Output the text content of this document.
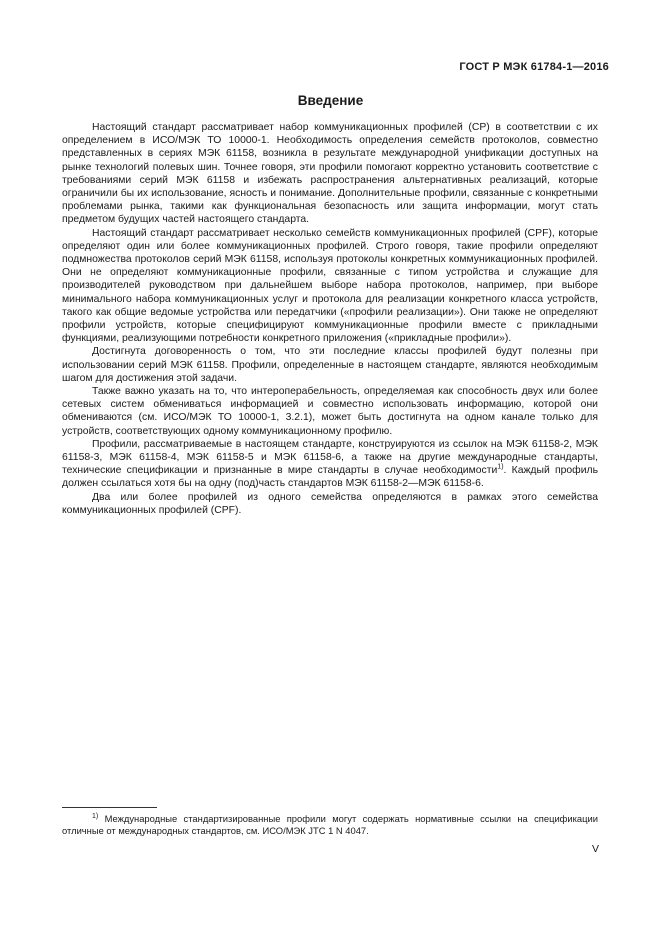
ГОСТ Р МЭК 61784-1—2016
Введение

Настоящий стандарт рассматривает набор коммуникационных профилей (CP) в соответствии с их определением в ИСО/МЭК ТО 10000-1. Необходимость определения семейств протоколов, совместно представленных в сериях МЭК 61158, возникла в результате международной унификации доступных на рынке технологий полевых шин. Точнее говоря, эти профили помогают корректно установить соответствие с требованиями серий МЭК 61158 и избежать распространения альтернативных реализаций, которые ограничили бы их использование, ясность и понимание. Дополнительные профили, связанные с конкретными проблемами рынка, такими как функциональная безопасность или защита информации, могут стать предметом будущих частей настоящего стандарта.

Настоящий стандарт рассматривает несколько семейств коммуникационных профилей (CPF), которые определяют один или более коммуникационных профилей. Строго говоря, такие профили определяют подмножества протоколов серий МЭК 61158, используя протоколы конкретных коммуникационных профилей. Они не определяют коммуникационные профили, связанные с типом устройства и служащие для производителей руководством при дальнейшем выборе набора протоколов, например, при выборе минимального набора коммуникационных услуг и протокола для реализации конкретного класса устройств, такого как общие ведомые устройства или передатчики («профили реализации»). Они также не определяют профили устройств, которые специфицируют коммуникационные профили вместе с прикладными функциями, реализующими потребности конкретного приложения («прикладные профили»).

Достигнута договоренность о том, что эти последние классы профилей будут полезны при использовании серий МЭК 61158. Профили, определенные в настоящем стандарте, являются необходимым шагом для достижения этой задачи.

Также важно указать на то, что интероперабельность, определяемая как способность двух или более сетевых систем обмениваться информацией и совместно использовать информацию, которой они обмениваются (см. ИСО/МЭК ТО 10000-1, 3.2.1), может быть достигнута на одном канале только для устройств, соответствующих одному коммуникационному профилю.

Профили, рассматриваемые в настоящем стандарте, конструируются из ссылок на МЭК 61158-2, МЭК 61158-3, МЭК 61158-4, МЭК 61158-5 и МЭК 61158-6, а также на другие международные стандарты, технические спецификации и признанные в мире стандарты в случае необходимости$^{1)}$. Каждый профиль должен ссылаться хотя бы на одну (под)часть стандартов МЭК 61158-2—МЭК 61158-6.

Два или более профилей из одного семейства определяются в рамках этого семейства коммуникационных профилей (CPF).

$^{1)}$ Международные стандартизированные профили могут содержать нормативные ссылки на спецификации отличные от международных стандартов, см. ИСО/МЭК JTC 1 N 4047.

V
